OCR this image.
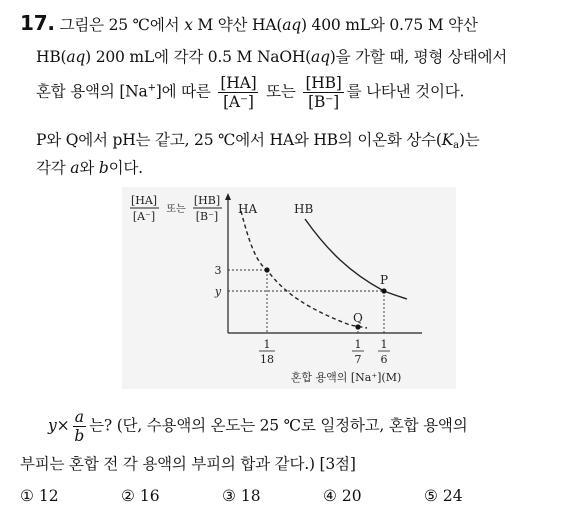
17. 그림은 25 ℃에서 x M 약산 HA(aq) 400 mL와 0.75 M 약산
HB(aq) 200 mL에 각각 0.5 M NaOH(aq)을 가할 때, 평형 상태에서
혼합 용액의 [Na+]에 따른 $\frac{[HA]}{[A^-]}$ 또는 $\frac{[HB]}{[B^-]}$ 를 나타낸 것이다.
P와 Q에서 pH는 같고, 25 ℃에서 HA와 HB의 이온화 상수$(K_a)$는
각각 a와 b이다.
[HA]
[A⁻]
또는
[HB]
[B⁻]
HA	HB
P
Q
3
y
1
18
1
7
1
6
혼합 용액의 [Na⁺](M)
$y\times \frac{a}{b}$ 는? (단, 수용액의 온도는 25 ℃로 일정하고, 혼합 용액의
부피는 혼합 전 각 용액의 부피의 합과 같다.) [3점]
① 12	② 16	③ 18	④ 20	⑤ 24
